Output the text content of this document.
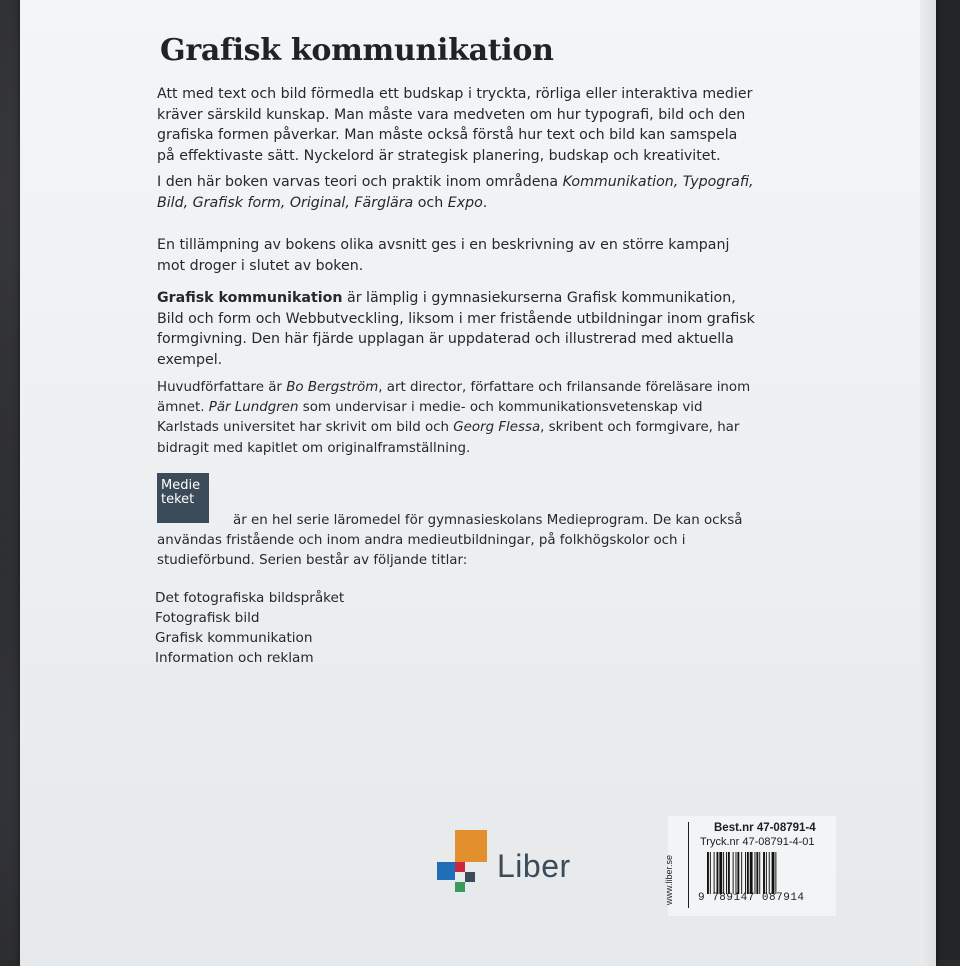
Grafisk kommunikation

Att med text och bild förmedla ett budskap i tryckta, rörliga eller interaktiva medier kräver särskild kunskap. Man måste vara medveten om hur typografi, bild och den grafiska formen påverkar. Man måste också förstå hur text och bild kan samspela på effektivaste sätt. Nyckelord är strategisk planering, budskap och kreativitet.

I den här boken varvas teori och praktik inom områdena Kommunikation, Typografi, Bild, Grafisk form, Original, Färglära och Expo.

En tillämpning av bokens olika avsnitt ges i en beskrivning av en större kampanj mot droger i slutet av boken.

Grafisk kommunikation är lämplig i gymnasiekurserna Grafisk kommunikation, Bild och form och Webbutveckling, liksom i mer fristående utbildningar inom grafisk formgivning. Den här fjärde upplagan är uppdaterad och illustrerad med aktuella exempel.

Huvudförfattare är Bo Bergström, art director, författare och frilansande föreläsare inom ämnet. Pär Lundgren som undervisar i medie- och kommunikationsvetenskap vid Karlstads universitet har skrivit om bild och Georg Flessa, skribent och formgivare, har bidragit med kapitlet om originalframställning.

Medie
teket

är en hel serie läromedel för gymnasieskolans Medieprogram. De kan också användas fristående och inom andra medieutbildningar, på folkhögskolor och i studieförbund. Serien består av följande titlar:

Det fotografiska bildspråket
Fotografisk bild
Grafisk kommunikation
Information och reklam
Liber	www.liber.se
Best.nr 47-08791-4
Tryck.nr 47-08791-4-01
9 789147 087914
